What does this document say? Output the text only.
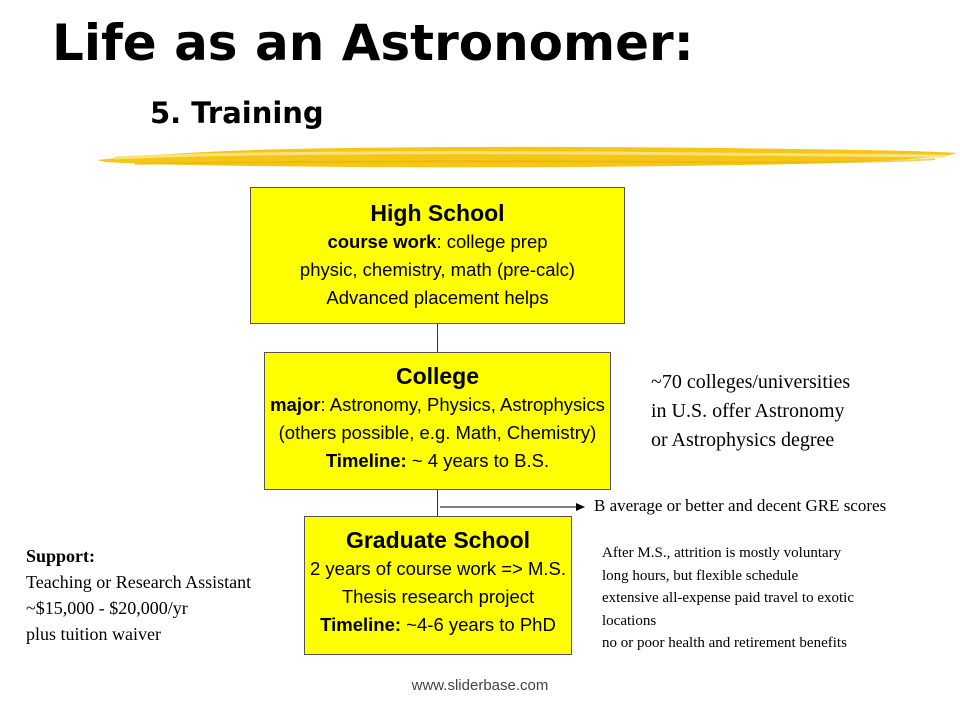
Life as an Astronomer:
5. Training
High School
course work: college prep
physic, chemistry, math (pre-calc)
Advanced placement helps
College
major: Astronomy, Physics, Astrophysics
(others possible, e.g. Math, Chemistry)
Timeline: ~ 4 years to B.S.
Graduate School
2 years of course work => M.S.
Thesis research project
Timeline: ~4-6 years to PhD
~70 colleges/universities
in U.S. offer Astronomy
or Astrophysics degree
B average or better and decent GRE scores
Support:
Teaching or Research Assistant
~$15,000 - $20,000/yr
plus tuition waiver
After M.S., attrition is mostly voluntary
long hours, but flexible schedule
extensive all-expense paid travel to exotic
locations
no or poor health and retirement benefits
www.sliderbase.com
